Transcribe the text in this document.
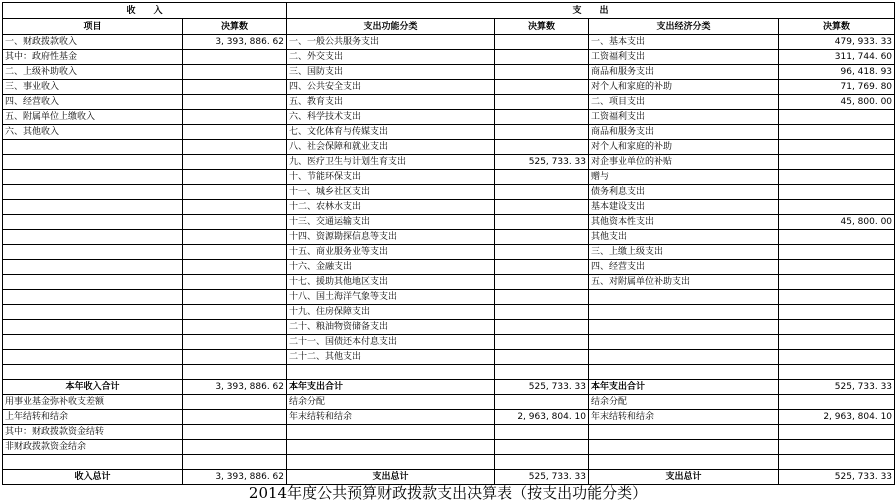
收　　入		支　　出			
项目	决算数	支出功能分类	决算数	支出经济分类	决算数
一、财政拨款收入	3, 393, 886. 62	一、一般公共服务支出		一、基本支出	479, 933. 33
其中：政府性基金		二、外交支出		工资福利支出	311, 744. 60
二、上级补助收入		三、国防支出		商品和服务支出	96, 418. 93
三、事业收入		四、公共安全支出		对个人和家庭的补助	71, 769. 80
四、经营收入		五、教育支出		二、项目支出	45, 800. 00
五、附属单位上缴收入		六、科学技术支出		工资福利支出	
六、其他收入		七、文化体育与传媒支出		商品和服务支出	
		八、社会保障和就业支出		对个人和家庭的补助	
		九、医疗卫生与计划生育支出	525, 733. 33	对企事业单位的补贴	
		十、节能环保支出		赠与	
		十一、城乡社区支出		债务利息支出	
		十二、农林水支出		基本建设支出	
		十三、交通运输支出		其他资本性支出	45, 800. 00
		十四、资源勘探信息等支出		其他支出	
		十五、商业服务业等支出		三、上缴上级支出	
		十六、金融支出		四、经营支出	
		十七、援助其他地区支出		五、对附属单位补助支出	
		十八、国土海洋气象等支出			
		十九、住房保障支出			
		二十、粮油物资储备支出			
		二十一、国债还本付息支出			
		二十二、其他支出			

本年收入合计	3, 393, 886. 62	本年支出合计	525, 733. 33	本年支出合计	525, 733. 33
用事业基金弥补收支差额		结余分配		结余分配	
上年结转和结余		年末结转和结余	2, 963, 804. 10	年末结转和结余	2, 963, 804. 10
其中：财政拨款资金结转					
非财政拨款资金结余					

收入总计	3, 393, 886. 62	支出总计	525, 733. 33	支出总计	525, 733. 33
2014年度公共预算财政拨款支出决算表（按支出功能分类）
